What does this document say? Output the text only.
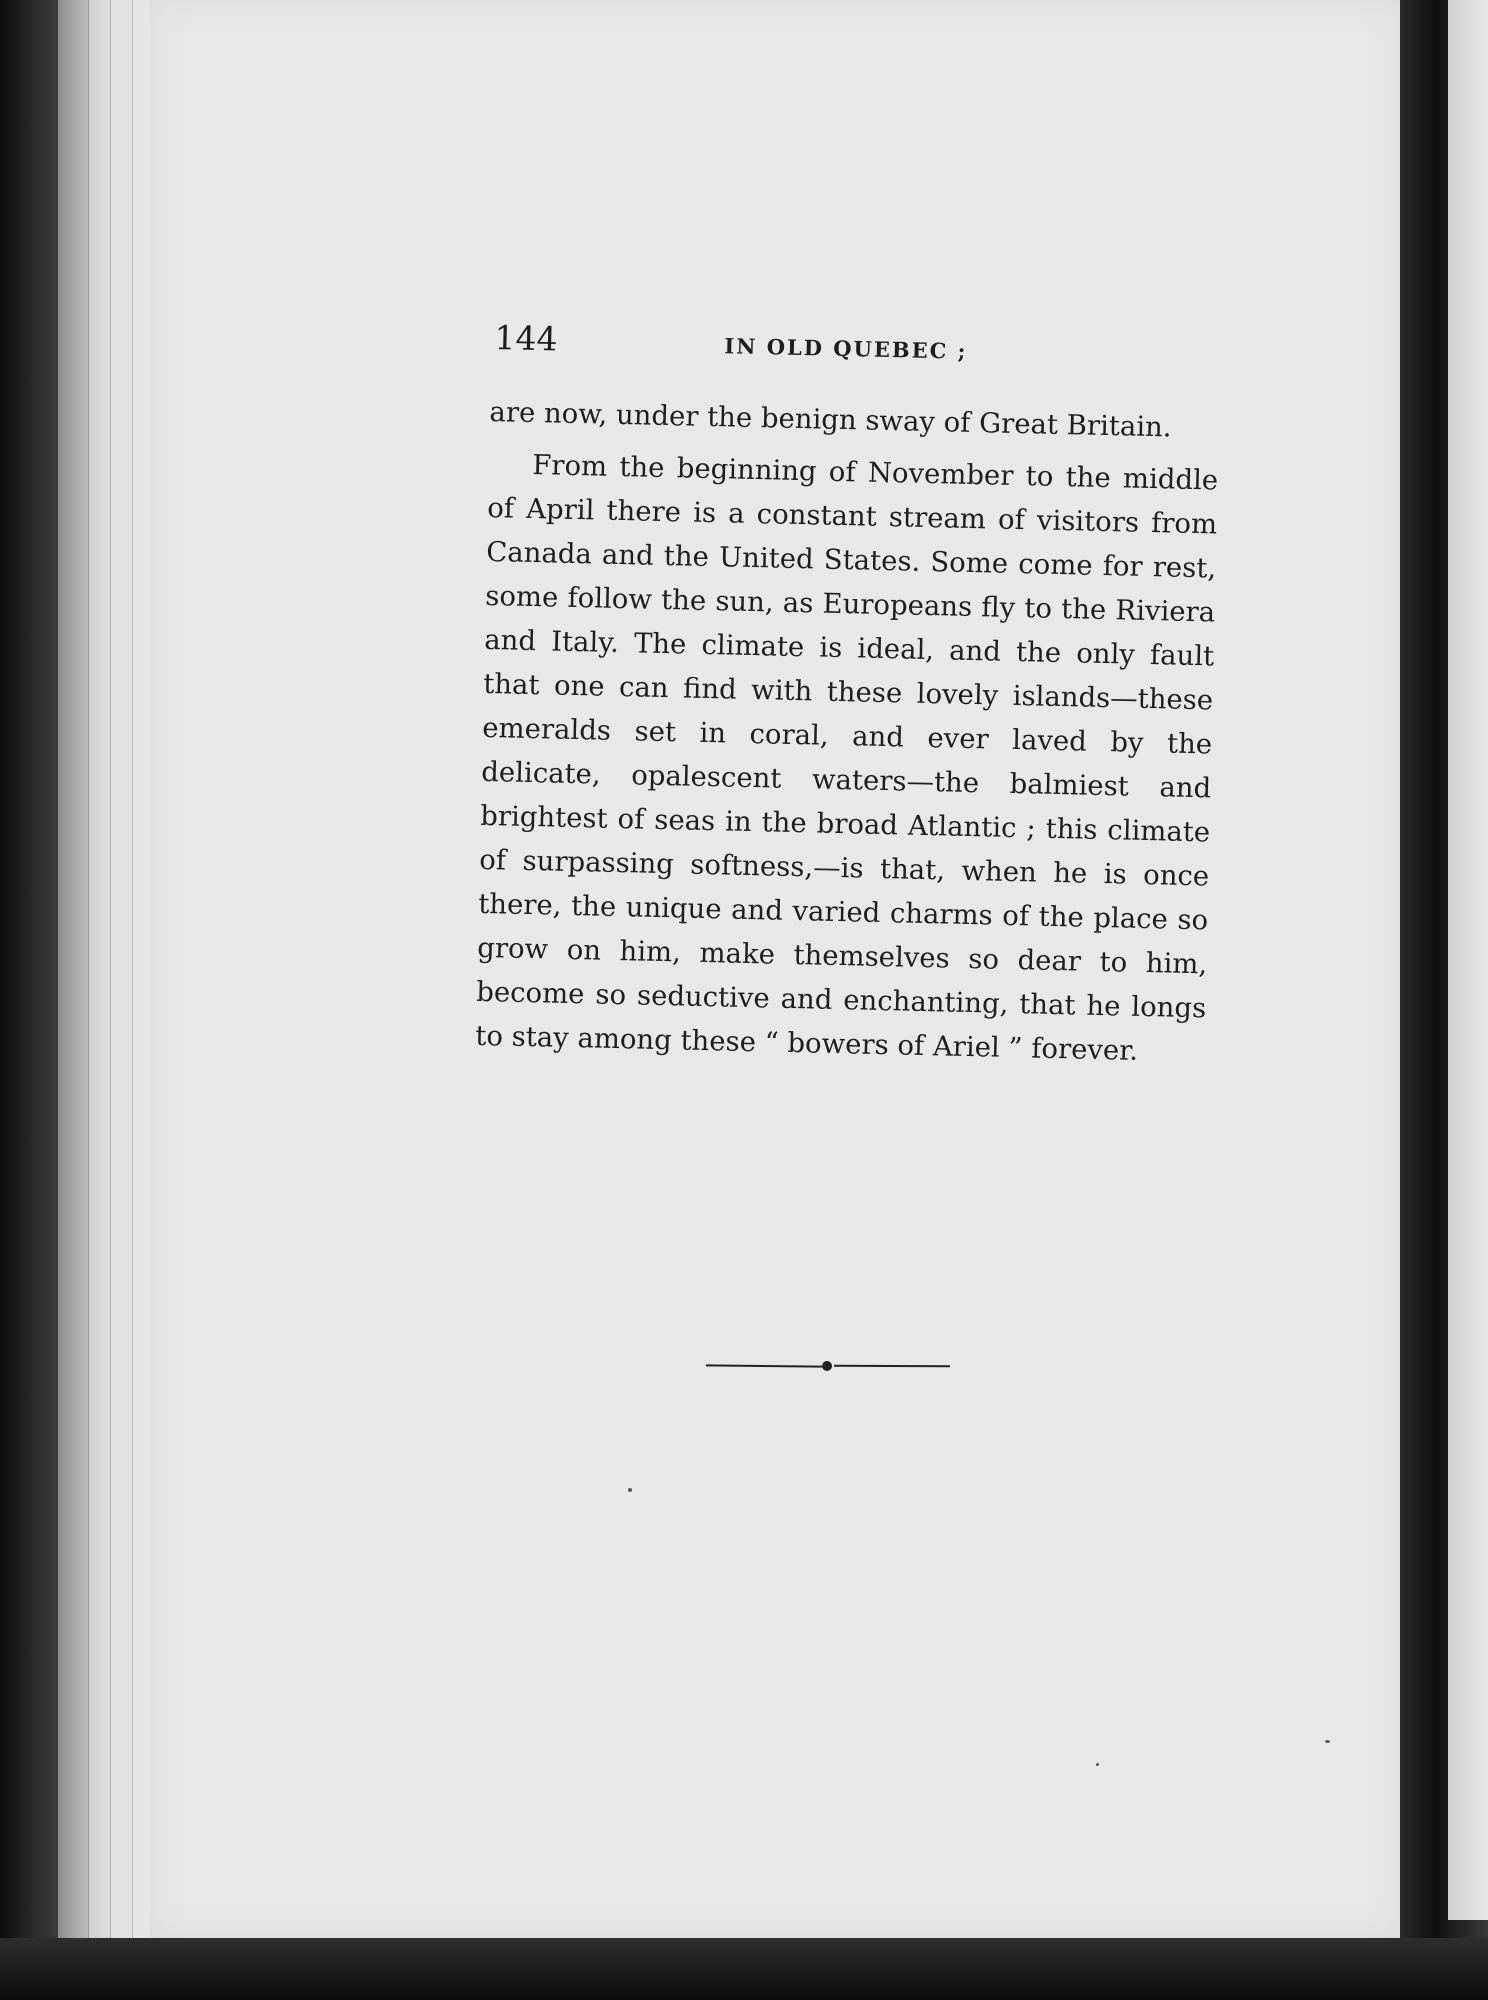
144	IN OLD QUEBEC ;

are now, under the benign sway of Great Britain.

From the beginning of November to the middle of April there is a constant stream of visitors from Canada and the United States. Some come for rest, some follow the sun, as Europeans fly to the Riviera and Italy. The climate is ideal, and the only fault that one can find with these lovely islands—these emeralds set in coral, and ever laved by the delicate, opalescent waters—the balmiest and brightest of seas in the broad Atlantic ; this climate of surpassing softness,—is that, when he is once there, the unique and varied charms of the place so grow on him, make themselves so dear to him, become so seductive and enchanting, that he longs to stay among these “ bowers of Ariel ” forever.
